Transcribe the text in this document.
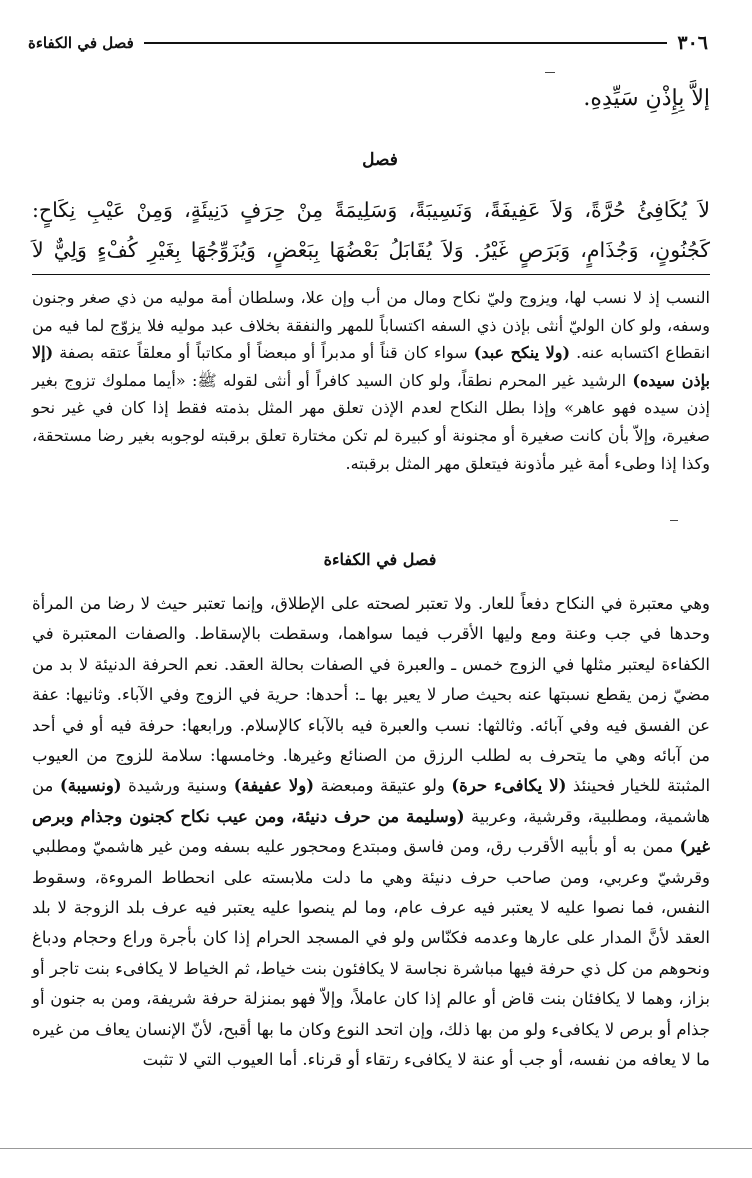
٣٠٦
فصل في الكفاءة
إلاَّ بِإِذْنِ سَيِّدِهِ.
فصل
لاَ يُكَافِئُ حُرَّةً، وَلاَ عَفِيفَةً، وَنَسِيبَةً، وَسَلِيمَةً مِنْ حِرَفٍ دَنِيئَةٍ، وَمِنْ عَيْبِ نِكَاحٍ: كَجُنُونٍ، وَجُذَامٍ، وَبَرَصٍ غَيْرُ. وَلاَ يُقَابَلُ بَعْضُهَا بِبَعْضٍ، وَيُزَوِّجُهَا بِغَيْرِ كُفْءٍ وَلِيٌّ لاَ
النسب إذ لا نسب لها، ويزوج وليّ نكاح ومال من أب وإن علا، وسلطان أمة موليه من ذي صغر وجنون وسفه، ولو كان الوليّ أنثى بإذن ذي السفه اكتساباً للمهر والنفقة بخلاف عبد موليه فلا يزوّج لما فيه من انقطاع اكتسابه عنه. (ولا ينكح عبد) سواء كان قناً أو مدبراً أو مبعضاً أو مكاتباً أو معلقاً عتقه بصفة (إلا بإذن سيده) الرشيد غير المحرم نطقاً، ولو كان السيد كافراً أو أنثى لقوله ﷺ: «أيما مملوك تزوج بغير إذن سيده فهو عاهر» وإذا بطل النكاح لعدم الإذن تعلق مهر المثل بذمته فقط إذا كان في غير نحو صغيرة، وإلاّ بأن كانت صغيرة أو مجنونة أو كبيرة لم تكن مختارة تعلق برقبته لوجوبه بغير رضا مستحقة، وكذا إذا وطىء أمة غير مأذونة فيتعلق مهر المثل برقبته.
فصل في الكفاءة
وهي معتبرة في النكاح دفعاً للعار. ولا تعتبر لصحته على الإطلاق، وإنما تعتبر حيث لا رضا من المرأة وحدها في جب وعنة ومع وليها الأقرب فيما سواهما، وسقطت بالإسقاط. والصفات المعتبرة في الكفاءة ليعتبر مثلها في الزوج خمس ـ والعبرة في الصفات بحالة العقد. نعم الحرفة الدنيئة لا بد من مضيّ زمن يقطع نسبتها عنه بحيث صار لا يعير بها ـ: أحدها: حرية في الزوج وفي الآباء. وثانيها: عفة عن الفسق فيه وفي آبائه. وثالثها: نسب والعبرة فيه بالآباء كالإسلام. ورابعها: حرفة فيه أو في أحد من آبائه وهي ما يتحرف به لطلب الرزق من الصنائع وغيرها. وخامسها: سلامة للزوج من العيوب المثبتة للخيار فحينئذ (لا يكافىء حرة) ولو عتيقة ومبعضة (ولا عفيفة) وسنية ورشيدة (ونسيبة) من هاشمية، ومطلبية، وقرشية، وعربية (وسليمة من حرف دنيئة، ومن عيب نكاح كجنون وجذام وبرص غير) ممن به أو بأبيه الأقرب رق، ومن فاسق ومبتدع ومحجور عليه بسفه ومن غير هاشميّ ومطلبي وقرشيّ وعربي، ومن صاحب حرف دنيئة وهي ما دلت ملابسته على انحطاط المروءة، وسقوط النفس، فما نصوا عليه لا يعتبر فيه عرف عام، وما لم ينصوا عليه يعتبر فيه عرف بلد الزوجة لا بلد العقد لأنَّ المدار على عارها وعدمه فكنّاس ولو في المسجد الحرام إذا كان بأجرة وراع وحجام ودباغ ونحوهم من كل ذي حرفة فيها مباشرة نجاسة لا يكافئون بنت خياط، ثم الخياط لا يكافىء بنت تاجر أو بزاز، وهما لا يكافئان بنت قاض أو عالم إذا كان عاملاً، وإلاّ فهو بمنزلة حرفة شريفة، ومن به جنون أو جذام أو برص لا يكافىء ولو من بها ذلك، وإن اتحد النوع وكان ما بها أقبح، لأنّ الإنسان يعاف من غيره ما لا يعافه من نفسه، أو جب أو عنة لا يكافىء رتقاء أو قرناء. أما العيوب التي لا تثبت
